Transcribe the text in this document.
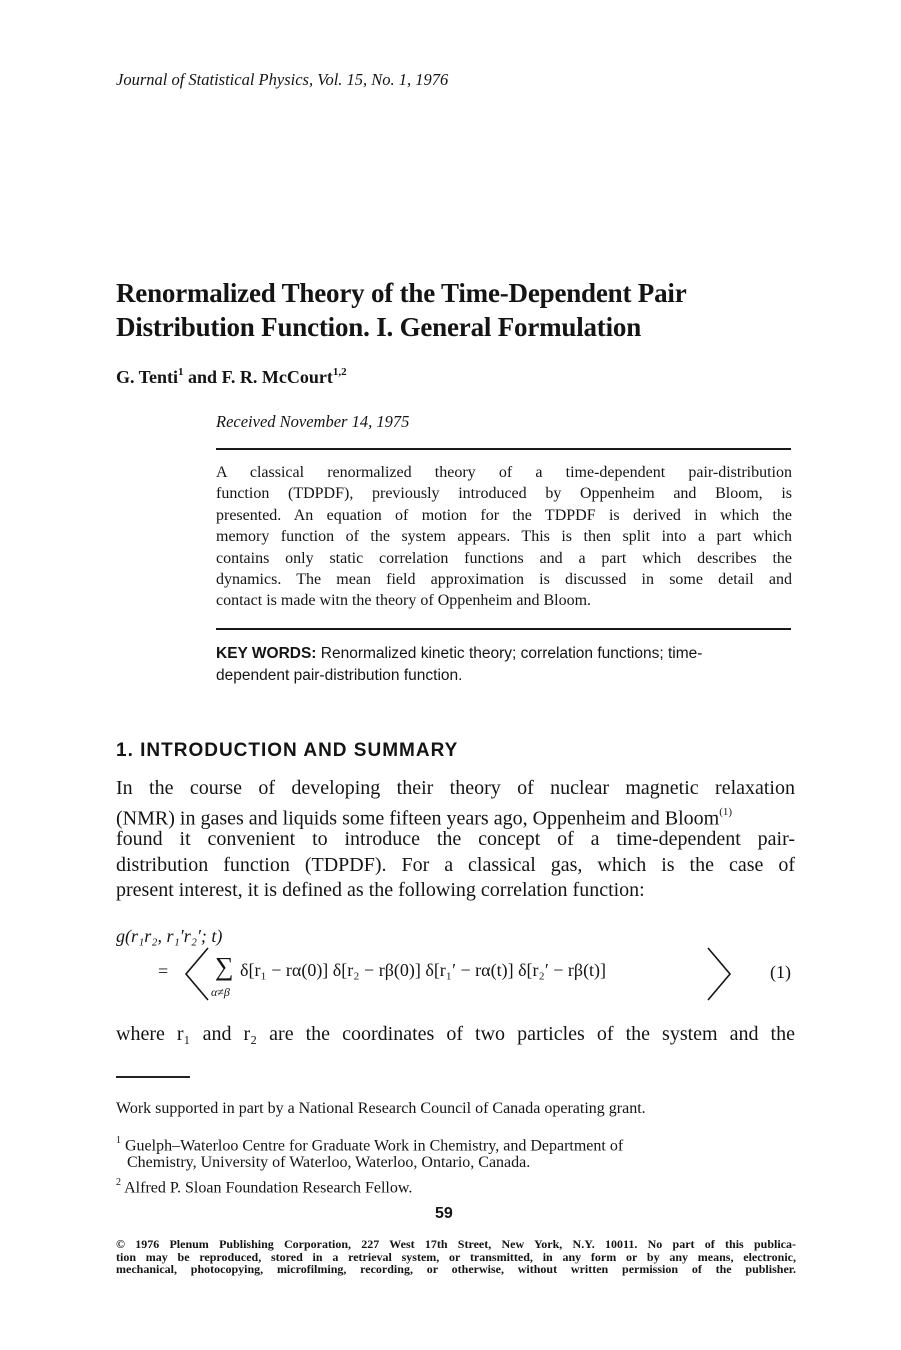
Journal of Statistical Physics, Vol. 15, No. 1, 1976
Renormalized Theory of the Time-Dependent Pair
Distribution Function. I. General Formulation
G. Tenti$^1$ and F. R. McCourt$^{1,2}$
Received November 14, 1975
A classical renormalized theory of a time-dependent pair-distribution
function (TDPDF), previously introduced by Oppenheim and Bloom, is
presented. An equation of motion for the TDPDF is derived in which the
memory function of the system appears. This is then split into a part which
contains only static correlation functions and a part which describes the
dynamics. The mean field approximation is discussed in some detail and
contact is made witn the theory of Oppenheim and Bloom.
KEY WORDS: Renormalized kinetic theory; correlation functions; time-
dependent pair-distribution function.
1. INTRODUCTION AND SUMMARY
In the course of developing their theory of nuclear magnetic relaxation
(NMR) in gases and liquids some fifteen years ago, Oppenheim and Bloom$^{(1)}$
found it convenient to introduce the concept of a time-dependent pair-
distribution function (TDPDF). For a classical gas, which is the case of
present interest, it is defined as the following correlation function:
g(r₁r₂, r₁′r₂′; t)
= ∑
α≠β
δ[r₁ − rα(0)] δ[r₂ − rβ(0)] δ[r₁′ − rα(t)] δ[r₂′ − rβ(t)]	(1)
where r₁ and r₂ are the coordinates of two particles of the system and the
Work supported in part by a National Research Council of Canada operating grant.
$^1$ Guelph–Waterloo Centre for Graduate Work in Chemistry, and Department of
Chemistry, University of Waterloo, Waterloo, Ontario, Canada.
$^2$ Alfred P. Sloan Foundation Research Fellow.
59
© 1976 Plenum Publishing Corporation, 227 West 17th Street, New York, N.Y. 10011. No part of this publica-
tion may be reproduced, stored in a retrieval system, or transmitted, in any form or by any means, electronic,
mechanical, photocopying, microfilming, recording, or otherwise, without written permission of the publisher.
